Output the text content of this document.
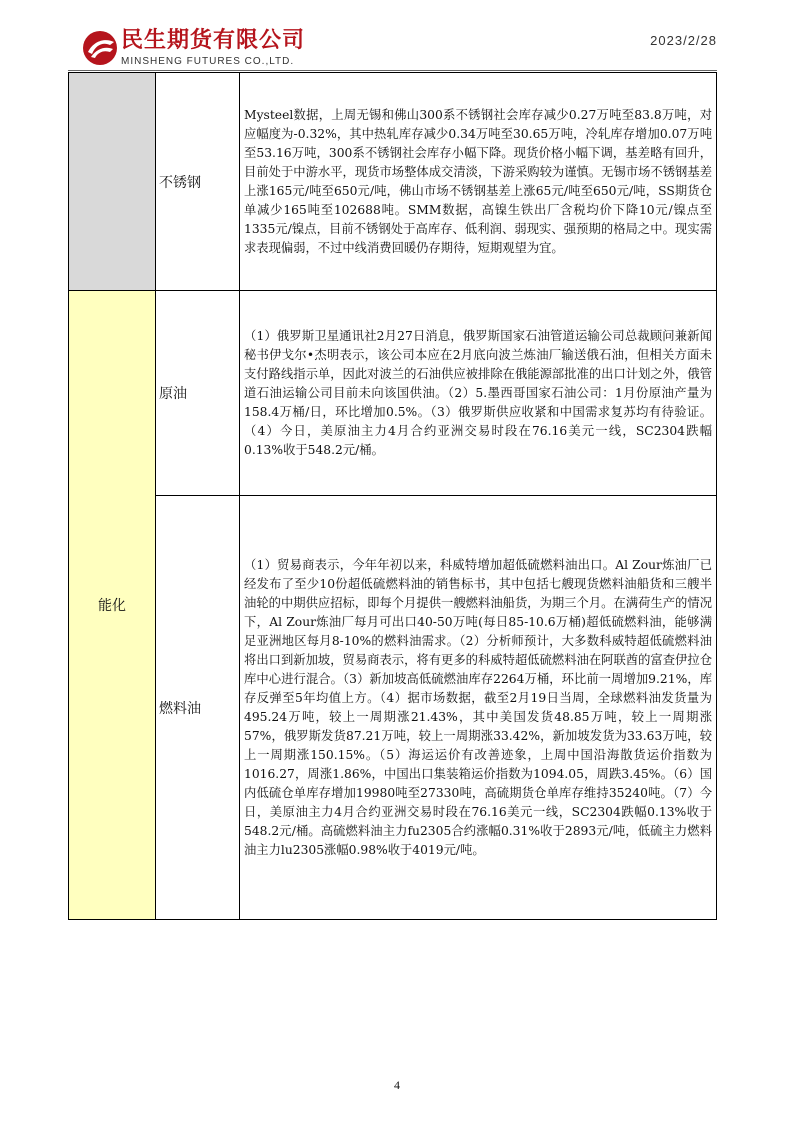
民生期货有限公司
MINSHENG FUTURES CO.,LTD.
2023/2/28
	不锈钢	Mysteel数据，上周无锡和佛山300系不锈钢社会库存减少0.27万吨至83.8万吨，对应幅度为-0.32%，其中热轧库存减少0.34万吨至30.65万吨，冷轧库存增加0.07万吨至53.16万吨，300系不锈钢社会库存小幅下降。现货价格小幅下调，基差略有回升，目前处于中游水平，现货市场整体成交清淡，下游采购较为谨慎。无锡市场不锈钢基差上涨165元/吨至650元/吨，佛山市场不锈钢基差上涨65元/吨至650元/吨，SS期货仓单减少165吨至102688吨。SMM数据，高镍生铁出厂含税均价下降10元/镍点至1335元/镍点，目前不锈钢处于高库存、低利润、弱现实、强预期的格局之中。现实需求表现偏弱，不过中线消费回暖仍存期待，短期观望为宜。

能化	原油	（1）俄罗斯卫星通讯社2月27日消息，俄罗斯国家石油管道运输公司总裁顾问兼新闻秘书伊戈尔•杰明表示，该公司本应在2月底向波兰炼油厂输送俄石油，但相关方面未支付路线指示单，因此对波兰的石油供应被排除在俄能源部批准的出口计划之外，俄管道石油运输公司目前未向该国供油。（2）5.墨西哥国家石油公司：1月份原油产量为158.4万桶/日，环比增加0.5%。（3）俄罗斯供应收紧和中国需求复苏均有待验证。（4）今日，美原油主力4月合约亚洲交易时段在76.16美元一线，SC2304跌幅0.13%收于548.2元/桶。

	燃料油	（1）贸易商表示，今年年初以来，科威特增加超低硫燃料油出口。Al Zour炼油厂已经发布了至少10份超低硫燃料油的销售标书，其中包括七艘现货燃料油船货和三艘半油轮的中期供应招标，即每个月提供一艘燃料油船货，为期三个月。在满荷生产的情况下，Al Zour炼油厂每月可出口40-50万吨(每日85-10.6万桶)超低硫燃料油，能够满足亚洲地区每月8-10%的燃料油需求。（2）分析师预计，大多数科威特超低硫燃料油将出口到新加坡，贸易商表示，将有更多的科威特超低硫燃料油在阿联酋的富查伊拉仓库中心进行混合。（3）新加坡高低硫燃油库存2264万桶，环比前一周增加9.21%，库存反弹至5年均值上方。（4）据市场数据，截至2月19日当周，全球燃料油发货量为495.24万吨，较上一周期涨21.43%，其中美国发货48.85万吨，较上一周期涨57%，俄罗斯发货87.21万吨，较上一周期涨33.42%，新加坡发货为33.63万吨，较上一周期涨150.15%。（5）海运运价有改善迹象，上周中国沿海散货运价指数为1016.27，周涨1.86%，中国出口集装箱运价指数为1094.05，周跌3.45%。（6）国内低硫仓单库存增加19980吨至27330吨，高硫期货仓单库存维持35240吨。（7）今日，美原油主力4月合约亚洲交易时段在76.16美元一线，SC2304跌幅0.13%收于548.2元/桶。高硫燃料油主力fu2305合约涨幅0.31%收于2893元/吨，低硫主力燃料油主力lu2305涨幅0.98%收于4019元/吨。
4
